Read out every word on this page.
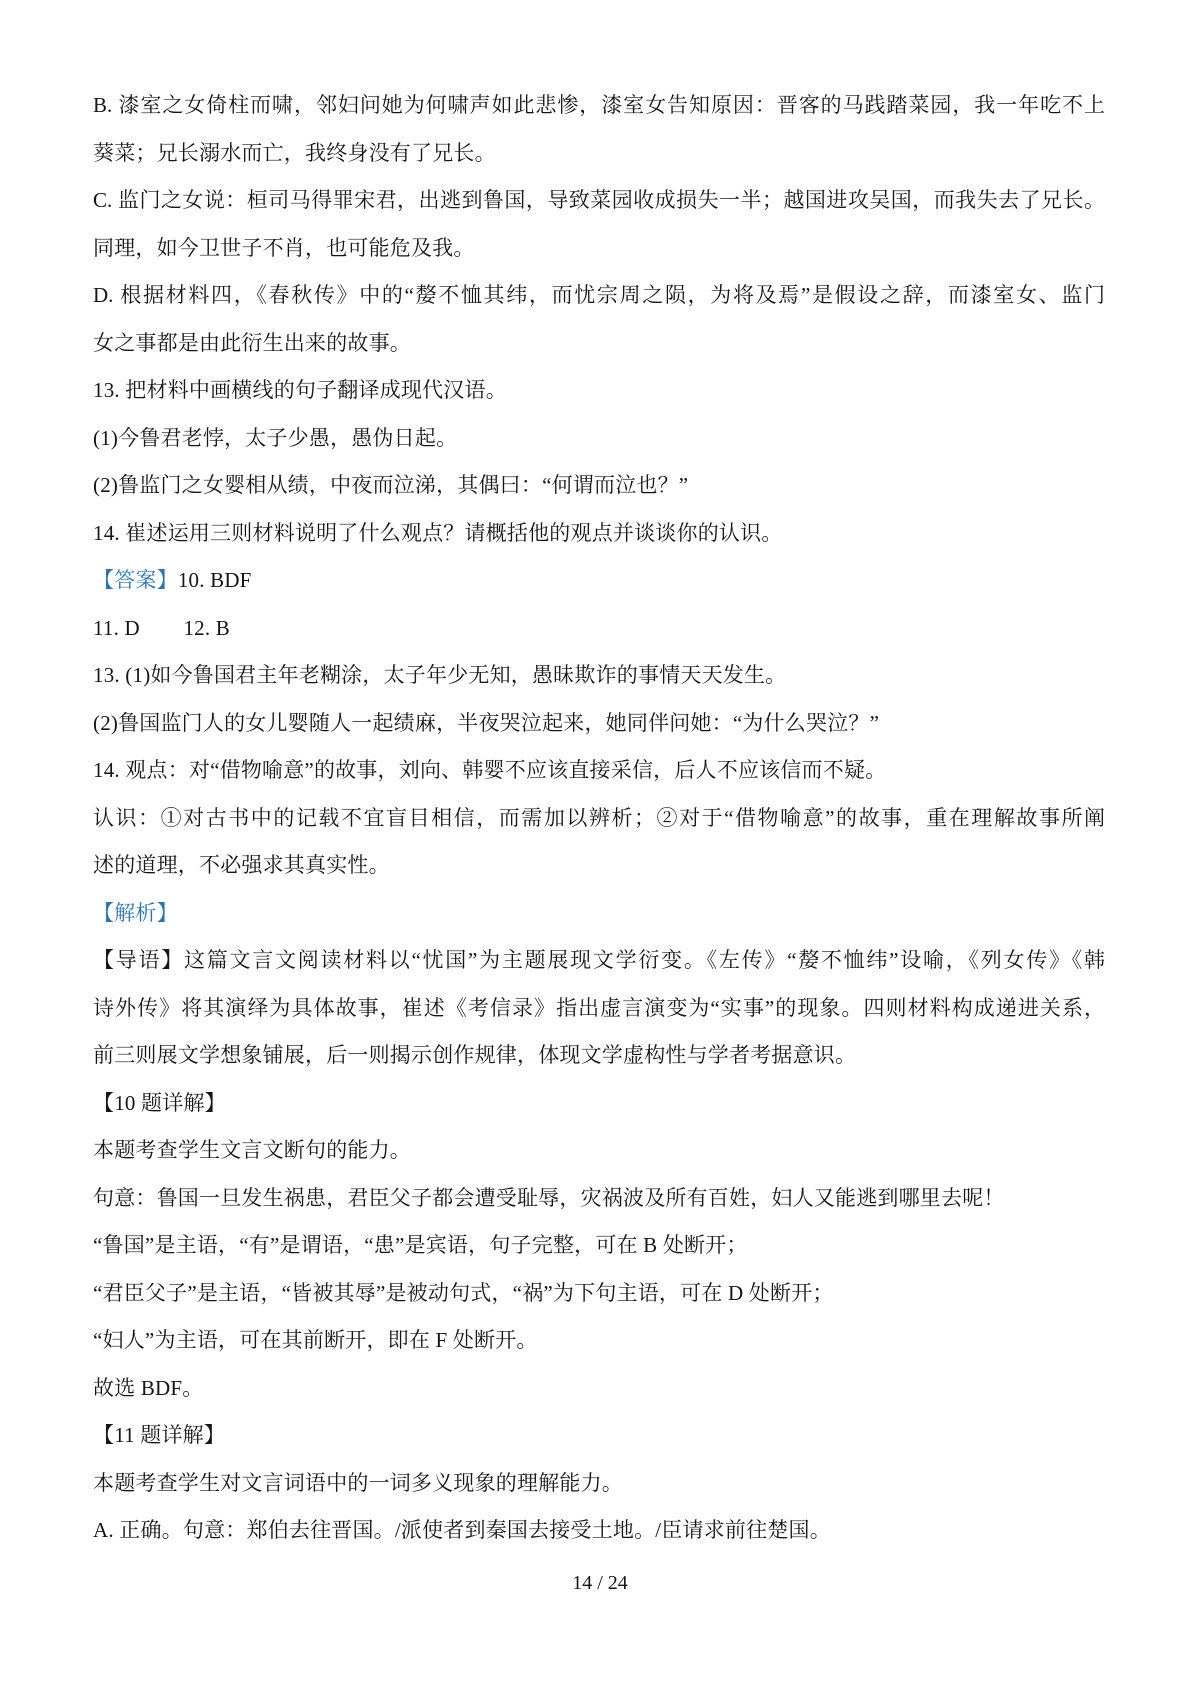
B. 漆室之女倚柱而啸，邻妇问她为何啸声如此悲惨，漆室女告知原因：晋客的马践踏菜园，我一年吃不上
葵菜；兄长溺水而亡，我终身没有了兄长。
C. 监门之女说：桓司马得罪宋君，出逃到鲁国，导致菜园收成损失一半；越国进攻吴国，而我失去了兄长。
同理，如今卫世子不肖，也可能危及我。
D. 根据材料四，《春秋传》中的“嫠不恤其纬，而忧宗周之陨，为将及焉”是假设之辞，而漆室女、监门
女之事都是由此衍生出来的故事。
13. 把材料中画横线的句子翻译成现代汉语。
(1)今鲁君老悖，太子少愚，愚伪日起。
(2)鲁监门之女婴相从绩，中夜而泣涕，其偶曰：“何谓而泣也？”
14. 崔述运用三则材料说明了什么观点？请概括他的观点并谈谈你的认识。
【答案】10. BDF
11. D        12. B
13. (1)如今鲁国君主年老糊涂，太子年少无知，愚昧欺诈的事情天天发生。
(2)鲁国监门人的女儿婴随人一起绩麻，半夜哭泣起来，她同伴问她：“为什么哭泣？”
14. 观点：对“借物喻意”的故事，刘向、韩婴不应该直接采信，后人不应该信而不疑。
认识：①对古书中的记载不宜盲目相信，而需加以辨析；②对于“借物喻意”的故事，重在理解故事所阐
述的道理，不必强求其真实性。
【解析】
【导语】这篇文言文阅读材料以“忧国”为主题展现文学衍变。《左传》“嫠不恤纬”设喻，《列女传》《韩
诗外传》将其演绎为具体故事，崔述《考信录》指出虚言演变为“实事”的现象。四则材料构成递进关系，
前三则展文学想象铺展，后一则揭示创作规律，体现文学虚构性与学者考据意识。
【10 题详解】
本题考查学生文言文断句的能力。
句意：鲁国一旦发生祸患，君臣父子都会遭受耻辱，灾祸波及所有百姓，妇人又能逃到哪里去呢！
“鲁国”是主语，“有”是谓语，“患”是宾语，句子完整，可在 B 处断开；
“君臣父子”是主语，“皆被其辱”是被动句式，“祸”为下句主语，可在 D 处断开；
“妇人”为主语，可在其前断开，即在 F 处断开。
故选 BDF。
【11 题详解】
本题考查学生对文言词语中的一词多义现象的理解能力。
A. 正确。句意：郑伯去往晋国。/派使者到秦国去接受土地。/臣请求前往楚国。
14 / 24
